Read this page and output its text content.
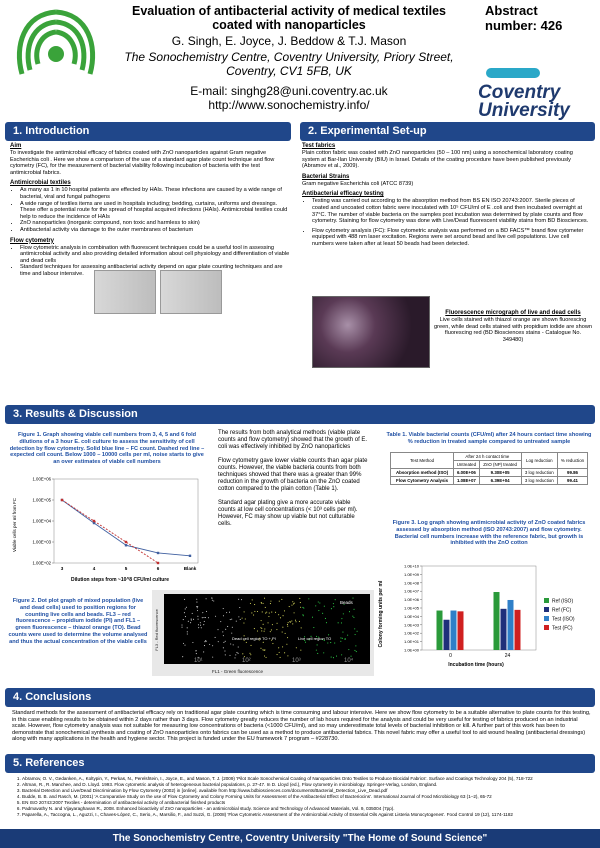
Evaluation of antibacterial activity of medical textiles coated with nanoparticles
G. Singh, E. Joyce, J. Beddow & T.J. Mason
The Sonochemistry Centre, Coventry University, Priory Street,
Coventry, CV1 5FB, UK
E-mail: singhg28@uni.coventry.ac.uk
http://www.sonochemistry.info/
Abstract
number: 426
Coventry
University
1. Introduction
Aim
To investigate the antimicrobial efficacy of fabrics coated with ZnO nanoparticles against Gram negative Escherichia coli . Here we show a comparison of the use of a standard agar plate count technique and flow cytometry (FC), for the measurement of bacterial viability following incubation of bacteria with the test antimicrobial fabrics.
Antimicrobial textiles
• As many as 1 in 10 hospital patients are effected by HAIs. These infections are caused by a wide range of bacterial, viral and fungal pathogens
• A wide range of textiles items are used in hospitals including; bedding, curtains, uniforms and dressings. These offer a potential route for the spread of hospital acquired infections (HAIs). Antimicrobial textiles could help to reduce the incidence of HAIs
• ZnO nanoparticles (inorganic compound, non toxic and harmless to skin)
• Antibacterial activity via damage to the outer membranes of bacterium
Flow cytometry
• Flow cytometric analysis in combination with fluorescent techniques could be a useful tool in assessing antimicrobial activity and also providing detailed information about cell physiology and differentiation of viable and dead cells
• Standard techniques for assessing antibacterial activity depend on agar plate counting techniques and are time and labour intensive.
2. Experimental Set-up
Test fabrics
Plain cotton fabric was coated with ZnO nanoparticles (50 – 100 nm) using a sonochemical laboratory coating system at Bar-Ilan University (BIU) in Israel. Details of the coating procedure have been published previously (Abramov et al., 2009).
Bacterial Strains
Gram negative Escherichia coli (ATCC 8739)
Antibacterial efficacy testing
• Testing was carried out according to the absorption method from BS EN ISO 20743:2007. Sterile pieces of coated and uncoated cotton fabric were inoculated with 10⁵ CFU/ml of E .coli and then incubated overnight at 37°C. The number of viable bacteria on the samples post incubation was determined by plate counts and flow cytometry. Staining for flow cytometry was done with Live/Dead fluorescent viability stains from BD Biosciences.
• Flow cytometry analysis (FC): Flow cytometric analysis was performed on a BD FACS™ brand flow cytometer equipped with 488 nm laser excitation. Regions were set around bead and live cell populations. Live cell numbers were taken after at least 50 beads had been detected.
Fluorescence micrograph of live and dead cells
Live cells stained with thiazol orange are shown fluorescing green, while dead cells stained with propidium iodide are shown fluorescing red (BD Biosciences stains - Catalogue No. 349480)
3. Results & Discussion
Figure 1. Graph showing viable cell numbers from 3, 4, 5 and 6 fold dilutions of a 3 hour E. coli culture to assess the sensitivity of cell detection by flow cytometry. Solid blue line – FC count. Dashed red line – expected cell count. Below 1000 – 10000 cells per ml, noise starts to give an over estimates of viable cell numbers
Viable cells per ml from FC
Dilution steps from ~10^8 CFU/ml culture
1.00E+02
1.00E+03
1.00E+04
1.00E+05
1.00E+06
3	4	5	6	Blank

The results from both analytical methods (viable plate counts and flow cytometry) showed that the growth of E. coli was effectively inhibited by ZnO nanoparticles

Flow cytometry gave lower viable counts than agar plate counts. However, the viable bacteria counts from both techniques showed that there was a greater than 99% reduction in the growth of bacteria on the ZnO coated cotton compared to the plain cotton (Table 1).

Standard agar plating give a more accurate viable counts at low cell concentrations (< 10³ cells per ml). However, FC may show up viable but not culturable cells.

Table 1. Viable bacterial counts (CFU/ml) after 24 hours contact time showing % reduction in treated sample compared to untreated sample
Test Method	After 24 h contact time		Log reduction	% reduction
	Untreated	ZnO (NP) treated		
Absorption method (ISO)	6.00E+06	9.30E+05	3 log reduction	99.86
Flow Cytometry Analysis	1.08E+07	6.39E+04	3 log reduction	99.41
Figure 3. Log graph showing antimicrobial activity of ZnO coated fabrics assessed by absorption method (ISO 20743:2007) and flow cytometry. Bacterial cell numbers increase with the reference fabric, but growth is inhibited with the ZnO cotton
Colony forming units per ml
Incubation time (hours)
1.0E+00
1.0E+01
1.0E+02
1.0E+03
1.0E+04
1.0E+05
1.0E+06
1.0E+07
1.0E+08
1.0E+09
1.0E+10
0	24
Ref (ISO)
Ref (FC)
Test (ISO)
Test (FC)
Figure 2. Dot plot graph of mixed population (live and dead cells) used to position regions for counting live cells and beads. FL3 – red fluorescence – propidium iodide (PI) and FL1 – green fluorescence – thiazol orange (TO). Bead counts were used to determine the volume analysed and thus the actual concentration of the viable cells FL3 - Red fluorescence
FL1 - Green fluorescence
Beads
Dead cell region TO + PI	Live cell region TO
10¹	10²	10³	10⁴
4. Conclusions
Standard methods for the assessment of antibacterial efficacy rely on traditional agar plate counting which is time consuming and labour intensive. Here we show flow cytometry to be a suitable alternative to plate counts for this testing, in this case enabling results to be obtained within 2 days rather than 3 days. Flow cytometry greatly reduces the number of lab hours required for the analysis and could be very useful for testing of fabrics produced on an industrial scale. However, flow cytometry analysis was not suitable for measuring low concentrations of bacteria (<1000 CFU/ml), and so may underestimate total levels of bacterial inhibition or kill. A further part of this work has been to demonstrate that sonochemical synthesis and coating of ZnO nanoparticles onto fabrics can be used as a method to produce antibacterial fabrics. This novel fabric may offer a useful tool to aid wound healing (antibacterial dressings) along with many applications in the health and hygiene sector. This project is funded under the EU framework 7 program – #228730.
5. References
1. Abramov, O. V., Gedanken, A., Koltypin, Y., Perkas, N., Perelshtein, I., Joyce, E., and Mason, T. J. (2009) 'Pilot Scale Sonochemical Coating of Nanoparticles Onto Textiles to Produce Biocidal Fabrics'. Surface and Coatings Technology 204 (5), 718-722
2. Altman, R., R. Manchee, and D. Lloyd. 1993. Flow cytometric analysis of heterogeneous bacterial populations, p. 27-47. In D. Lloyd (ed.), Flow cytometry in microbiology. Springer-Verlag, London, England.
3. Bacterial Detection and Live/Dead Discrimination by Flow Cytometry (2002) in [online]. available from http://www.bdbiosciences.com/documents/Bacterial_Detection_Live_Dead.pdf
4. Budde, B. B. and Rasch, M. (2001) 'A Comparative Study on the use of Flow Cytometry and Colony Forming Units for Assessment of the Antibacterial Effect of Bacteriocins'. International Journal of Food Microbiology 63 (1–2), 65-72
5. EN ISO 20743:2007 Textiles - determination of antibacterial activity of antibacterial finished products
6. Padmavathy N. and Vijayaraghavan R., 2008. Enhanced bioactivity of ZnO nanoparticles - an antimicrobial study. Science and Technology of Advanced Materials, Vol. 9, 035004 (7pp).
7. Paparella, A., Taccogna, L., Aguzzi, I., Chaves-López, C., Serio, A., Marsilio, F., and Suzzi, G. (2008) 'Flow Cytometric Assessment of the Antimicrobial Activity of Essential Oils Against Listeria Monocytogenes'. Food Control 19 (12), 1174-1182
The Sonochemistry Centre, Coventry University "The Home of Sound Science"
